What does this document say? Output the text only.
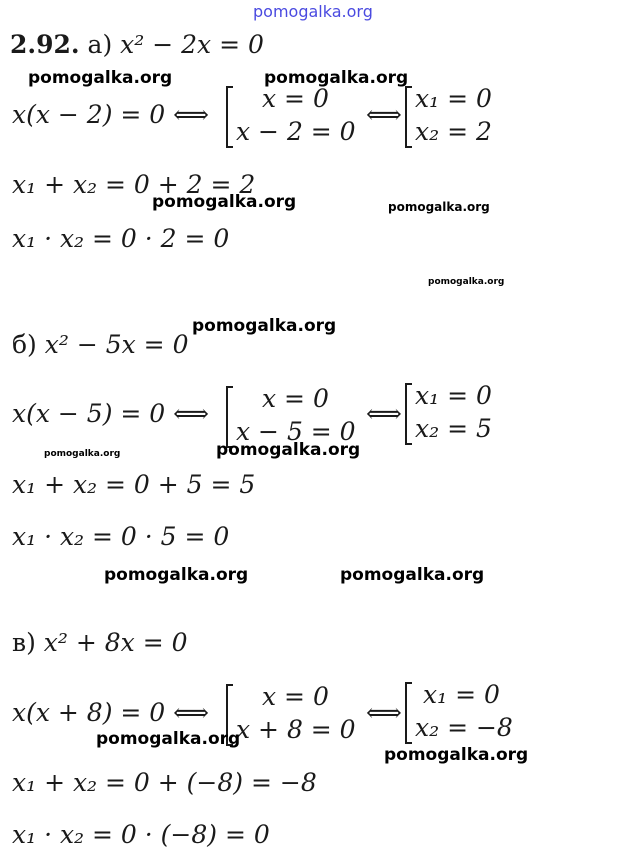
pomogalka.org
2.92. а) x² − 2x = 0
x(x − 2) = 0 ⟺
x = 0
x − 2 = 0
⟺
x₁ = 0
x₂ = 2
x₁ + x₂ = 0 + 2 = 2
x₁ · x₂ = 0 · 2 = 0
б) x² − 5x = 0
x(x − 5) = 0 ⟺
x = 0
x − 5 = 0
⟺
x₁ = 0
x₂ = 5
x₁ + x₂ = 0 + 5 = 5
x₁ · x₂ = 0 · 5 = 0
в) x² + 8x = 0
x(x + 8) = 0 ⟺
x = 0
x + 8 = 0
⟺
x₁ = 0
x₂ = −8
x₁ + x₂ = 0 + (−8) = −8
x₁ · x₂ = 0 · (−8) = 0
pomogalka.org	pomogalka.org
pomogalka.org	pomogalka.org
pomogalka.org
pomogalka.org
pomogalka.org	pomogalka.org
pomogalka.org	pomogalka.org
pomogalka.org
pomogalka.org
